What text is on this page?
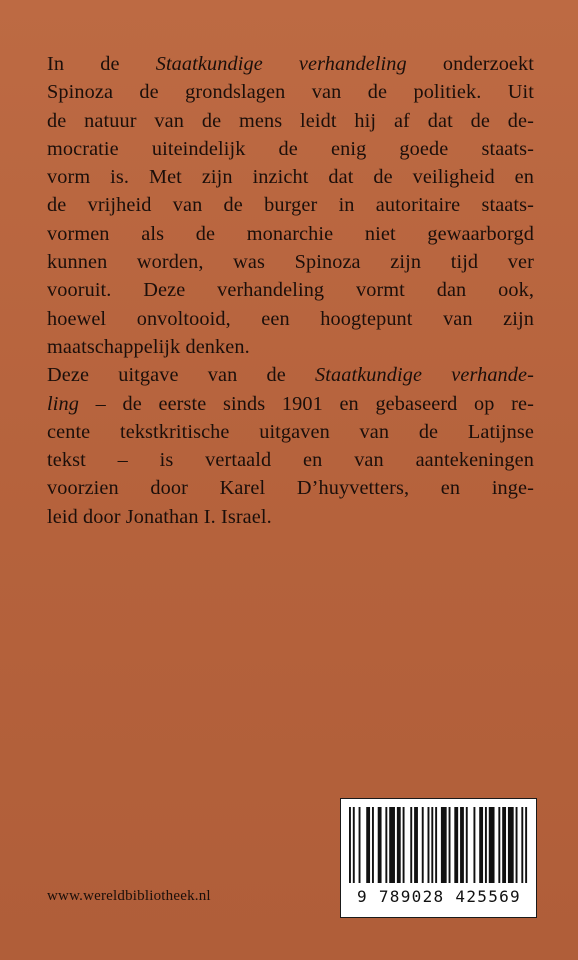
In de Staatkundige verhandeling onderzoekt
Spinoza de grondslagen van de politiek. Uit
de natuur van de mens leidt hij af dat de de-
mocratie uiteindelijk de enig goede staats-
vorm is. Met zijn inzicht dat de veiligheid en
de vrijheid van de burger in autoritaire staats-
vormen als de monarchie niet gewaarborgd
kunnen worden, was Spinoza zijn tijd ver
vooruit. Deze verhandeling vormt dan ook,
hoewel onvoltooid, een hoogtepunt van zijn
maatschappelijk denken.
Deze uitgave van de Staatkundige verhande-
ling – de eerste sinds 1901 en gebaseerd op re-
cente tekstkritische uitgaven van de Latijnse
tekst – is vertaald en van aantekeningen
voorzien door Karel D’huyvetters, en inge-
leid door Jonathan I. Israel.
www.wereldbibliotheek.nl	9 789028 425569
